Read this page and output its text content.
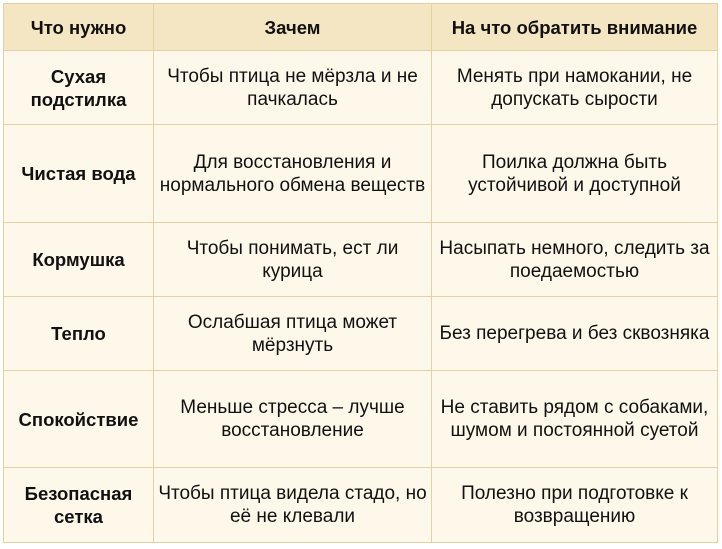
Что нужно	Зачем	На что обратить внимание
Сухая подстилка	Чтобы птица не мёрзла и не пачкалась	Менять при намокании, не допускать сырости
Чистая вода	Для восстановления и нормального обмена веществ	Поилка должна быть устойчивой и доступной
Кормушка	Чтобы понимать, ест ли курица	Насыпать немного, следить за поедаемостью
Тепло	Ослабшая птица может мёрзнуть	Без перегрева и без сквозняка
Спокойствие	Меньше стресса – лучше восстановление	Не ставить рядом с собаками, шумом и постоянной суетой
Безопасная сетка	Чтобы птица видела стадо, но её не клевали	Полезно при подготовке к возвращению
